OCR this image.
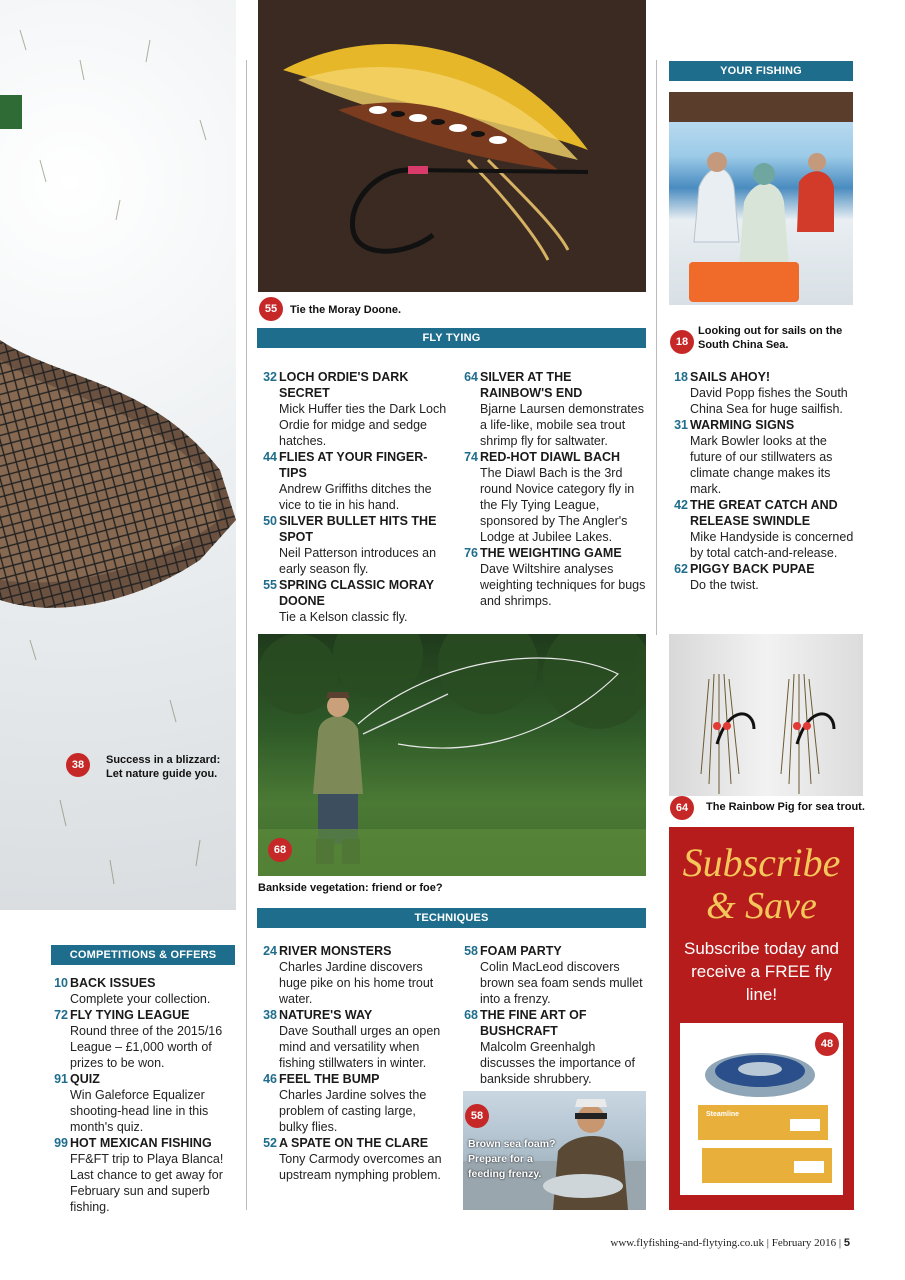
38	Success in a blizzard: Let nature guide you.
55	Tie the Moray Doone.
FLY TYING
32 LOCH ORDIE'S DARK SECRET
Mick Huffer ties the Dark Loch Ordie for midge and sedge hatches.
44 FLIES AT YOUR FINGER-TIPS
Andrew Griffiths ditches the vice to tie in his hand.
50 SILVER BULLET HITS THE SPOT
Neil Patterson introduces an early season fly.
55 SPRING CLASSIC MORAY DOONE
Tie a Kelson classic fly.
64 SILVER AT THE RAINBOW'S END
Bjarne Laursen demonstrates a life-like, mobile sea trout shrimp fly for saltwater.
74 RED-HOT DIAWL BACH
The Diawl Bach is the 3rd round Novice category fly in the Fly Tying League, sponsored by The Angler's Lodge at Jubilee Lakes.
76 THE WEIGHTING GAME
Dave Wiltshire analyses weighting techniques for bugs and shrimps.
YOUR FISHING
18
Looking out for sails on the South China Sea.
18 SAILS AHOY!
David Popp fishes the South China Sea for huge sailfish.
31 WARMING SIGNS
Mark Bowler looks at the future of our stillwaters as climate change makes its mark.
42 THE GREAT CATCH AND RELEASE SWINDLE
Mike Handyside is concerned by total catch-and-release.
62 PIGGY BACK PUPAE
Do the twist.
68
Bankside vegetation: friend or foe?
64	The Rainbow Pig for sea trout.
Subscribe
& Save
Subscribe today and receive a FREE fly line!
Steamline
48
TECHNIQUES
24 RIVER MONSTERS
Charles Jardine discovers huge pike on his home trout water.
38 NATURE'S WAY
Dave Southall urges an open mind and versatility when fishing stillwaters in winter.
46 FEEL THE BUMP
Charles Jardine solves the problem of casting large, bulky flies.
52 A SPATE ON THE CLARE
Tony Carmody overcomes an upstream nymphing problem.
58 FOAM PARTY
Colin MacLeod discovers brown sea foam sends mullet into a frenzy.
68 THE FINE ART OF BUSHCRAFT
Malcolm Greenhalgh discusses the importance of bankside shrubbery.
Brown sea foam? Prepare for a feeding frenzy.
58
COMPETITIONS & OFFERS
10 BACK ISSUES
Complete your collection.
72 FLY TYING LEAGUE
Round three of the 2015/16 League – £1,000 worth of prizes to be won.
91 QUIZ
Win Galeforce Equalizer shooting-head line in this month's quiz.
99 HOT MEXICAN FISHING
FF&FT trip to Playa Blanca! Last chance to get away for February sun and superb fishing.
www.flyfishing-and-flytying.co.uk | February 2016 | 5
